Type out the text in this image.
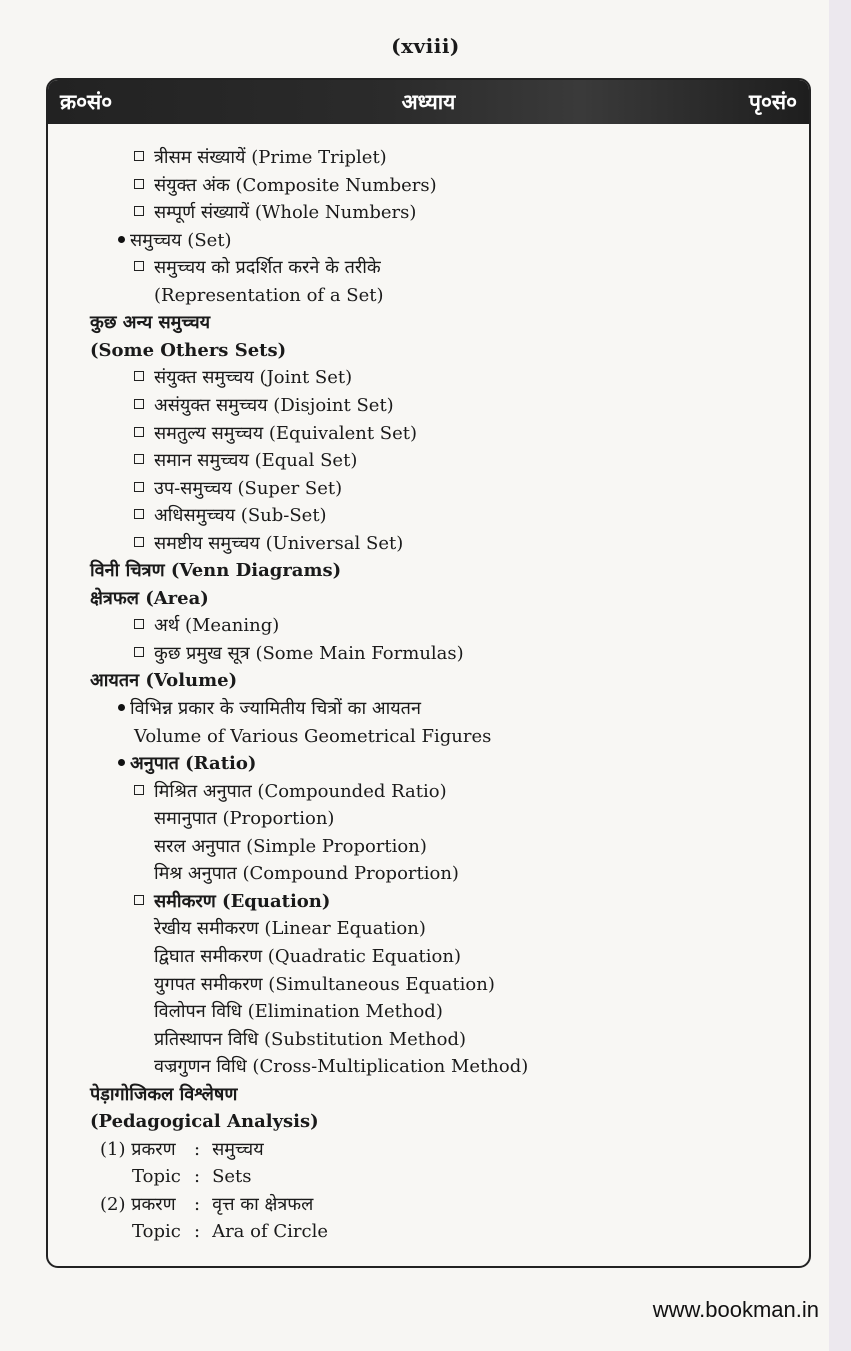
(xviii)
क्र०सं०	अध्याय	पृ०सं०
त्रीसम संख्यायें (Prime Triplet)
संयुक्त अंक (Composite Numbers)
सम्पूर्ण संख्यायें (Whole Numbers)
समुच्चय (Set)
समुच्चय को प्रदर्शित करने के तरीके
(Representation of a Set)
कुछ अन्य समुच्चय
(Some Others Sets)
संयुक्त समुच्चय (Joint Set)
असंयुक्त समुच्चय (Disjoint Set)
समतुल्य समुच्चय (Equivalent Set)
समान समुच्चय (Equal Set)
उप-समुच्चय (Super Set)
अधिसमुच्चय (Sub-Set)
समष्टीय समुच्चय (Universal Set)
विनी चित्रण (Venn Diagrams)
क्षेत्रफल (Area)
अर्थ (Meaning)
कुछ प्रमुख सूत्र (Some Main Formulas)
आयतन (Volume)
विभिन्न प्रकार के ज्यामितीय चित्रों का आयतन
Volume of Various Geometrical Figures
अनुपात (Ratio)
मिश्रित अनुपात (Compounded Ratio)
समानुपात (Proportion)
सरल अनुपात (Simple Proportion)
मिश्र अनुपात (Compound Proportion)
समीकरण (Equation)
रेखीय समीकरण (Linear Equation)
द्विघात समीकरण (Quadratic Equation)
युगपत समीकरण (Simultaneous Equation)
विलोपन विधि (Elimination Method)
प्रतिस्थापन विधि (Substitution Method)
वज्रगुणन विधि (Cross-Multiplication Method)
पेड़ागोजिकल विश्लेषण
(Pedagogical Analysis)
(1) प्रकरण : समुच्चय
Topic : Sets
(2) प्रकरण : वृत्त का क्षेत्रफल
Topic : Ara of Circle
www.bookman.in
